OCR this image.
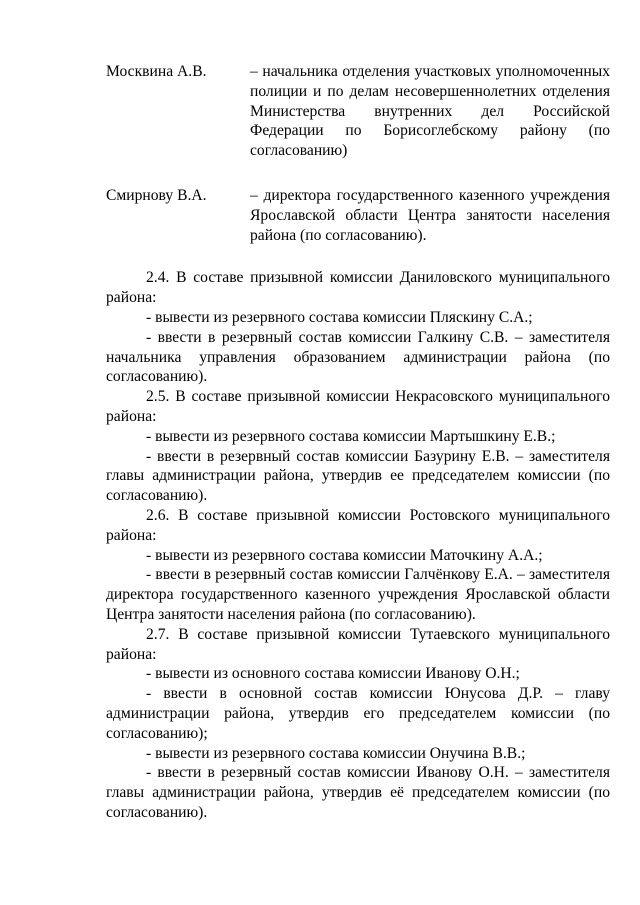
Москвина А.В.	– начальника отделения участковых уполномоченных полиции и по делам несовершеннолетних отделения Министерства внутренних дел Российской Федерации по Борисоглебскому району (по согласованию)
Смирнову В.А.	– директора государственного казенного учреждения Ярославской области Центра занятости населения района (по согласованию).

2.4. В составе призывной комиссии Даниловского муниципального района:

- вывести из резервного состава комиссии Пляскину С.А.;

- ввести в резервный состав комиссии Галкину С.В. – заместителя начальника управления образованием администрации района (по согласованию).

2.5. В составе призывной комиссии Некрасовского муниципального района:

- вывести из резервного состава комиссии Мартышкину Е.В.;

- ввести в резервный состав комиссии Базурину Е.В. – заместителя главы администрации района, утвердив ее председателем комиссии (по согласованию).

2.6. В составе призывной комиссии Ростовского муниципального района:

- вывести из резервного состава комиссии Маточкину А.А.;

- ввести в резервный состав комиссии Галчёнкову Е.А. – заместителя директора государственного казенного учреждения Ярославской области Центра занятости населения района (по согласованию).

2.7. В составе призывной комиссии Тутаевского муниципального района:

- вывести из основного состава комиссии Иванову О.Н.;

- ввести в основной состав комиссии Юнусова Д.Р. – главу администрации района, утвердив его председателем комиссии (по согласованию);

- вывести из резервного состава комиссии Онучина В.В.;

- ввести в резервный состав комиссии Иванову О.Н. – заместителя главы администрации района, утвердив её председателем комиссии (по согласованию).
